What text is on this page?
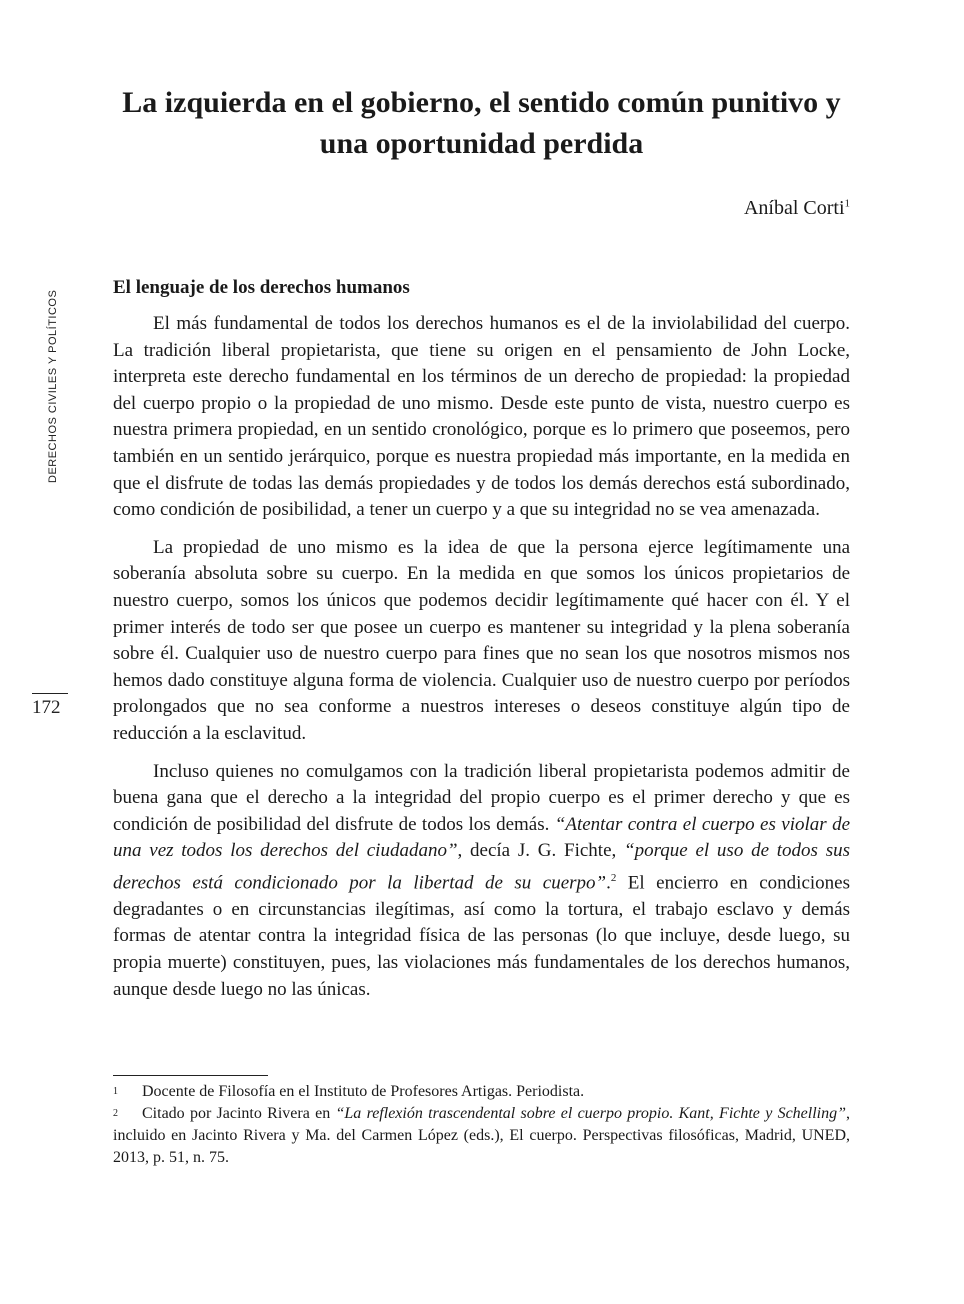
DERECHOS CIVILES Y POLÍTICOS
172
La izquierda en el gobierno, el sentido común punitivo y una oportunidad perdida
Aníbal Corti$^1$
El lenguaje de los derechos humanos

El más fundamental de todos los derechos humanos es el de la inviolabilidad del cuerpo. La tradición liberal propietarista, que tiene su origen en el pensamiento de John Locke, interpreta este derecho fundamental en los términos de un derecho de propiedad: la propiedad del cuerpo propio o la propiedad de uno mismo. Desde este punto de vista, nuestro cuerpo es nuestra primera propiedad, en un sentido cronológico, porque es lo primero que poseemos, pero también en un sentido jerárquico, porque es nuestra propiedad más importante, en la medida en que el disfrute de todas las demás propiedades y de todos los demás derechos está subordinado, como condición de posibilidad, a tener un cuerpo y a que su integridad no se vea amenazada.

La propiedad de uno mismo es la idea de que la persona ejerce legítimamente una soberanía absoluta sobre su cuerpo. En la medida en que somos los únicos propietarios de nuestro cuerpo, somos los únicos que podemos decidir legítimamente qué hacer con él. Y el primer interés de todo ser que posee un cuerpo es mantener su integridad y la plena soberanía sobre él. Cualquier uso de nuestro cuerpo para fines que no sean los que nosotros mismos nos hemos dado constituye alguna forma de violencia. Cualquier uso de nuestro cuerpo por períodos prolongados que no sea conforme a nuestros intereses o deseos constituye algún tipo de reducción a la esclavitud.

Incluso quienes no comulgamos con la tradición liberal propietarista podemos admitir de buena gana que el derecho a la integridad del propio cuerpo es el primer derecho y que es condición de posibilidad del disfrute de todos los demás. “Atentar contra el cuerpo es violar de una vez todos los derechos del ciudadano”, decía J. G. Fichte, “porque el uso de todos sus derechos está condicionado por la libertad de su cuerpo”.$^2$ El encierro en condiciones degradantes o en circunstancias ilegítimas, así como la tortura, el trabajo esclavo y demás formas de atentar contra la integridad física de las personas (lo que incluye, desde luego, su propia muerte) constituyen, pues, las violaciones más fundamentales de los derechos humanos, aunque desde luego no las únicas.

1 Docente de Filosofía en el Instituto de Profesores Artigas. Periodista.

2 Citado por Jacinto Rivera en “La reflexión trascendental sobre el cuerpo propio. Kant, Fichte y Schelling”, incluido en Jacinto Rivera y Ma. del Carmen López (eds.), El cuerpo. Perspectivas filosóficas, Madrid, UNED, 2013, p. 51, n. 75.
